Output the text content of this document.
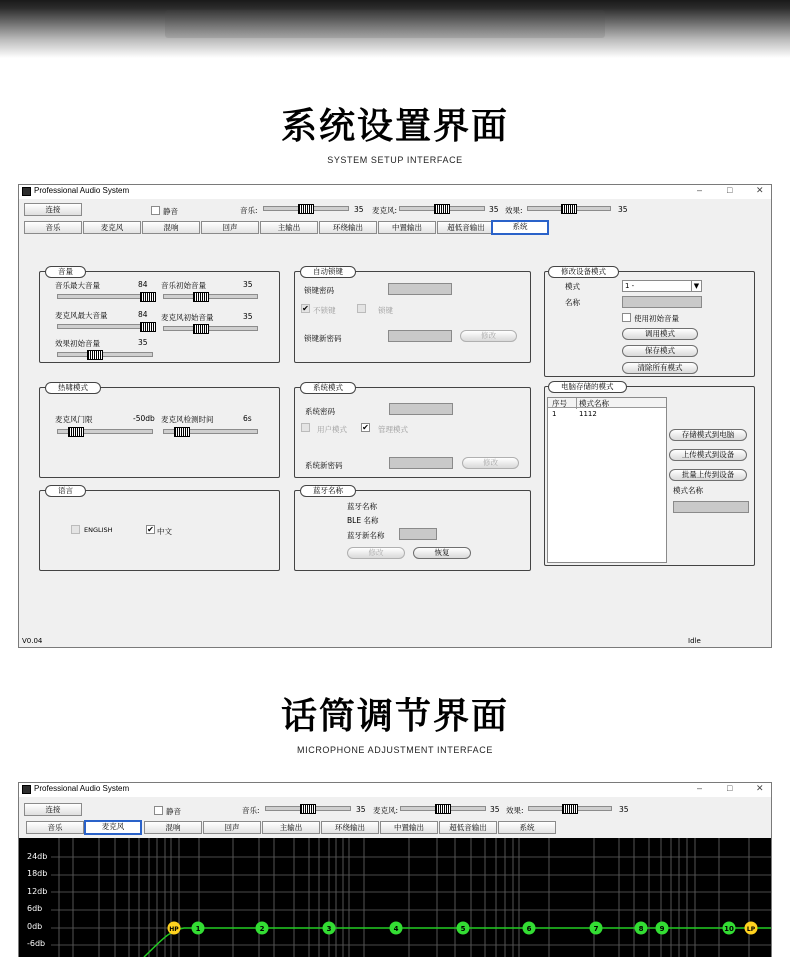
系统设置界面
SYSTEM SETUP INTERFACE
Professional Audio System	–	□	✕
连接	静音	音乐:	35 麦克风:	35 效果:	35
音乐	麦克风	混响	回声	主输出	环绕输出	中置输出	超低音输出	系统
音量
音乐最大音量	84 音乐初始音量	35
麦克风最大音量	84 麦克风初始音量	35
效果初始音量	35
自动锁键
锁键密码
✔ 不锁键	锁键
锁键新密码	修改
修改设备模式
模式	1 -	▼
名称
使用初始音量
调用模式
保存模式
清除所有模式
热啸模式
麦克风门限	-50db 麦克风检测时间	6s
系统模式
系统密码
用户模式 ✔ 管理模式
系统新密码	修改
电脑存储的模式
序号	模式名称
1	1112
存储模式到电脑
上传模式到设备
批量上传到设备
模式名称
语言
ENGLISH	✔ 中文
蓝牙名称
蓝牙名称
BLE 名称
蓝牙新名称
修改	恢复
V0.04	Idle
话筒调节界面
MICROPHONE ADJUSTMENT INTERFACE
Professional Audio System	–	□	✕
连接	静音	音乐:	35 麦克风:	35 效果:	35
音乐	麦克风	混响	回声	主输出	环绕输出	中置输出	超低音输出	系统
HP 1	2	3	4	5	6	7	8 9	10 LP
24db
18db
12db
6db
0db
-6db
